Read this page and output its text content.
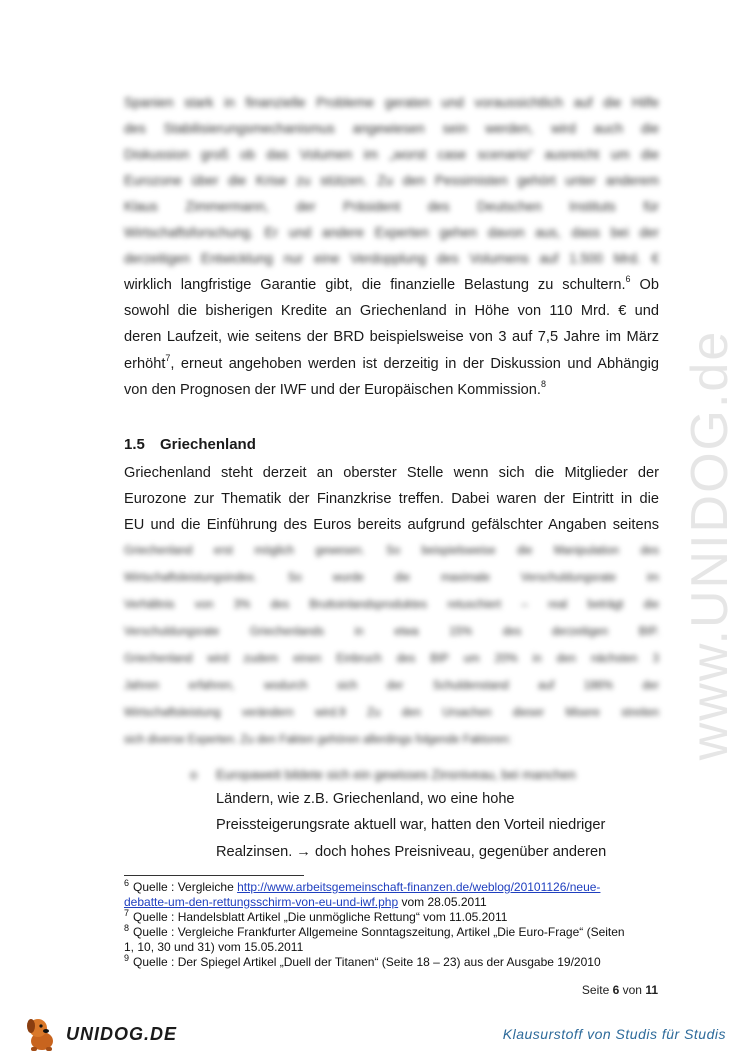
www.UNIDOG.de
Spanien stark in finanzielle Probleme geraten und voraussichtlich auf die Hilfe
des Stabilisierungsmechanismus angewiesen sein werden, wird auch die
Diskussion groß ob das Volumen im „worst case scenario“ ausreicht um die
Eurozone über die Krise zu stützen. Zu den Pessimisten gehört unter anderem
Klaus Zimmermann, der Präsident des Deutschen Instituts für
Wirtschaftsforschung. Er und andere Experten gehen davon aus, dass bei der
derzeitigen Entwicklung nur eine Verdopplung des Volumens auf 1.500 Mrd. €
wirklich langfristige Garantie gibt, die finanzielle Belastung zu schultern.$^6$ Ob
sowohl die bisherigen Kredite an Griechenland in Höhe von 110 Mrd. € und
deren Laufzeit, wie seitens der BRD beispielsweise von 3 auf 7,5 Jahre im März
erhöht$^7$, erneut angehoben werden ist derzeitig in der Diskussion und Abhängig
von den Prognosen der IWF und der Europäischen Kommission.$^8$
1.5 Griechenland
Griechenland steht derzeit an oberster Stelle wenn sich die Mitglieder der
Eurozone zur Thematik der Finanzkrise treffen. Dabei waren der Eintritt in die
EU und die Einführung des Euros bereits aufgrund gefälschter Angaben seitens
Griechenland erst möglich gewesen. So beispielsweise die Manipulation des
Wirtschaftsleistungsindex. So wurde die maximale Verschuldungsrate im
Verhältnis von 3% des Bruttoinlandsproduktes retuschiert – real beträgt die
Verschuldungsrate Griechenlands in etwa 15% des derzeitigen BIP.
Griechenland wird zudem einen Einbruch des BIP um 20% in den nächsten 3
Jahren erfahren, wodurch sich der Schuldenstand auf 186% der
Wirtschaftsleistung verändern wird.9 Zu den Ursachen dieser Misere streiten
sich diverse Experten. Zu den Fakten gehören allerdings folgende Faktoren:
o Europaweit bildete sich ein gewisses Zinsniveau, bei manchen
Ländern, wie z.B. Griechenland, wo eine hohe
Preissteigerungsrate aktuell war, hatten den Vorteil niedriger
Realzinsen. → doch hohes Preisniveau, gegenüber anderen

$^6$ Quelle : Vergleiche http://www.arbeitsgemeinschaft-finanzen.de/weblog/20101126/neue-

debatte-um-den-rettungsschirm-von-eu-und-iwf.php vom 28.05.2011

$^7$ Quelle : Handelsblatt Artikel „Die unmögliche Rettung“ vom 11.05.2011

$^8$ Quelle : Vergleiche Frankfurter Allgemeine Sonntagszeitung, Artikel „Die Euro-Frage“ (Seiten

1, 10, 30 und 31) vom 15.05.2011

$^9$ Quelle : Der Spiegel Artikel „Duell der Titanen“ (Seite 18 – 23) aus der Ausgabe 19/2010

Seite 6 von 11
UNIDOG.DE	Klausurstoff von Studis für Studis
